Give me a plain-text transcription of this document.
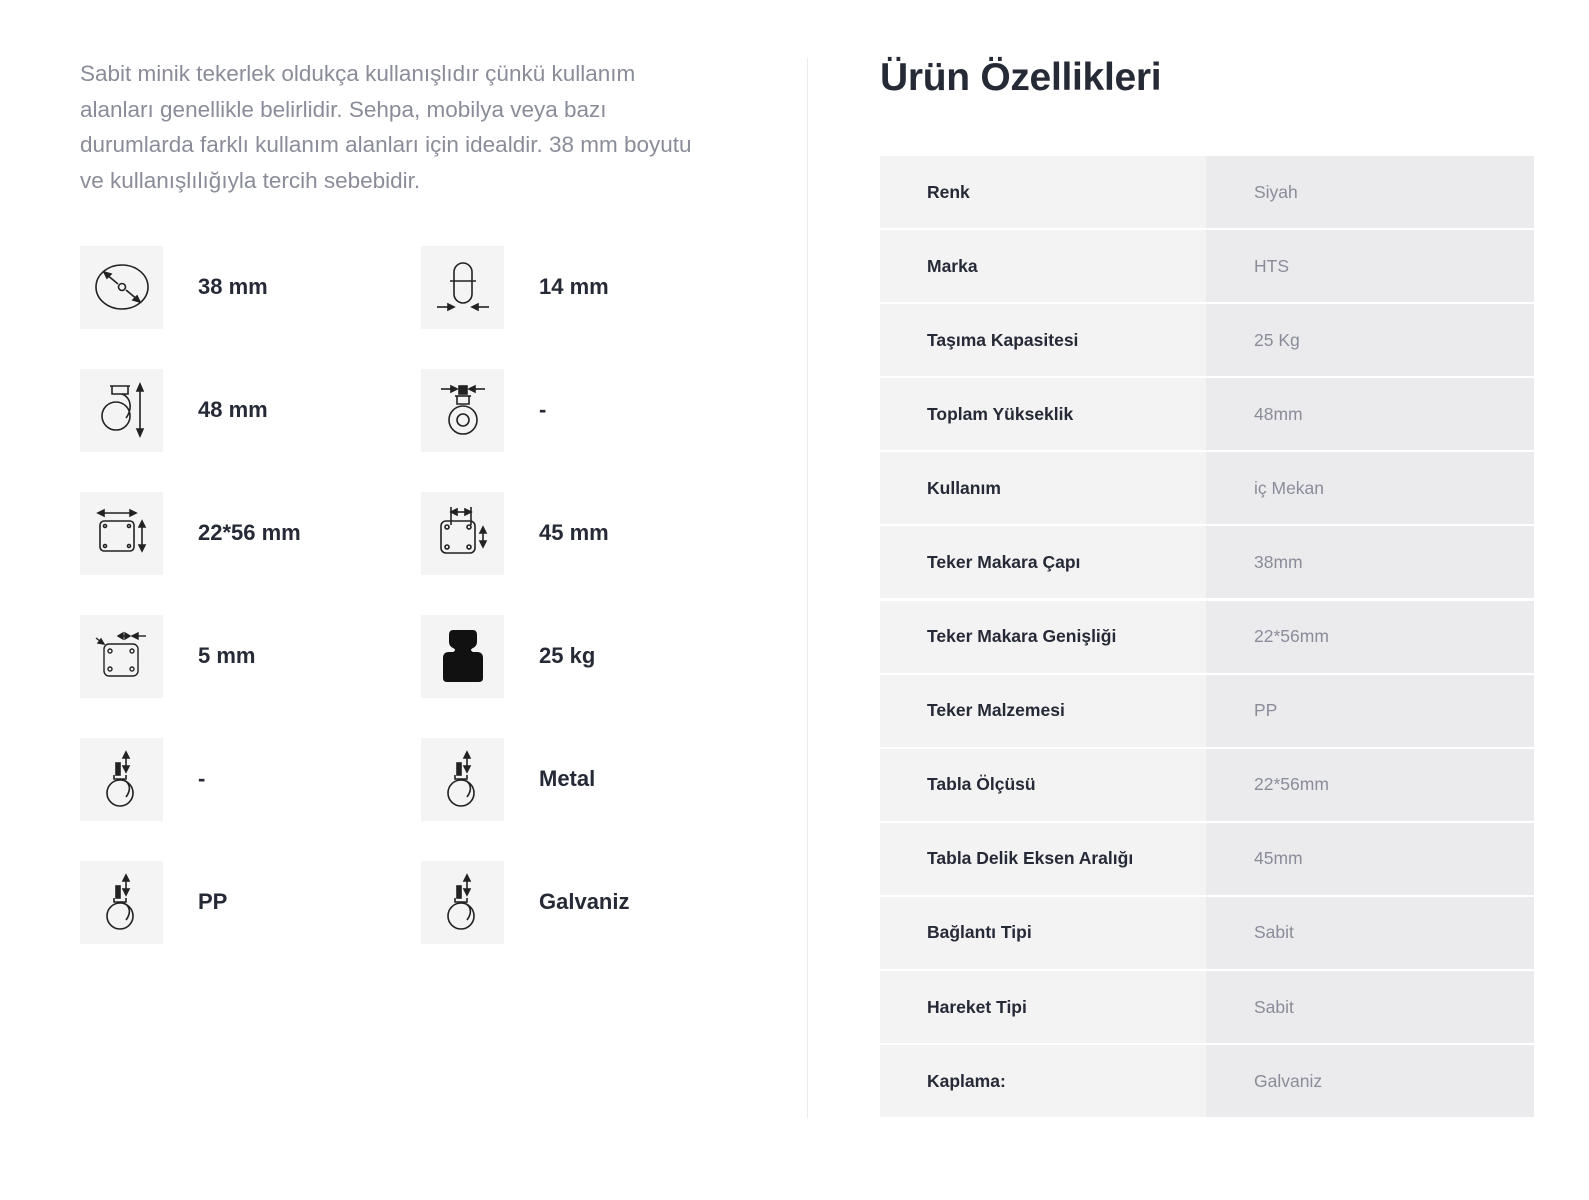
Sabit minik tekerlek oldukça kullanışlıdır çünkü kullanım alanları genellikle belirlidir. Sehpa, mobilya veya bazı durumlarda farklı kullanım alanları için idealdir. 38 mm boyutu ve kullanışlılığıyla tercih sebebidir.

38 mm	14 mm
48 mm	-
22*56 mm	45 mm
5 mm	25 kg
-	Metal
PP	Galvaniz
Ürün Özellikleri
Renk	Siyah
Marka	HTS
Taşıma Kapasitesi	25 Kg
Toplam Yükseklik	48mm
Kullanım	iç Mekan
Teker Makara Çapı	38mm
Teker Makara Genişliği	22*56mm
Teker Malzemesi	PP
Tabla Ölçüsü	22*56mm
Tabla Delik Eksen Aralığı	45mm
Bağlantı Tipi	Sabit
Hareket Tipi	Sabit
Kaplama:	Galvaniz
